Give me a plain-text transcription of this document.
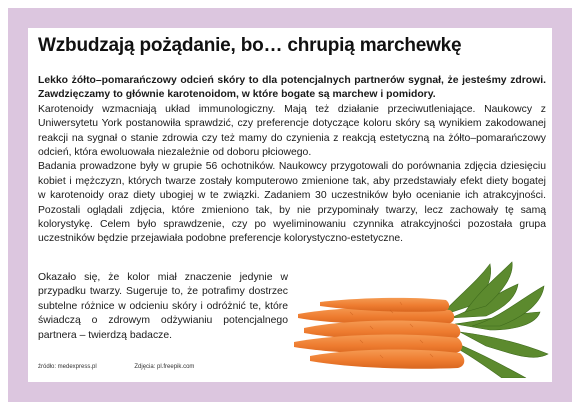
Wzbudzają pożądanie, bo… chrupią marchewkę

Lekko żółto–pomarańczowy odcień skóry to dla potencjalnych partnerów sygnał, że jesteśmy zdrowi. Zawdzięczamy to głównie karotenoidom, w które bogate są marchew i pomidory.

Karotenoidy wzmacniają układ immunologiczny. Mają też działanie przeciwutleniające. Naukowcy z Uniwersytetu York postanowiła sprawdzić, czy preferencje dotyczące koloru skóry są wynikiem zakodowanej reakcji na sygnał o stanie zdrowia czy też mamy do czynienia z reakcją estetyczną na żółto–pomarańczowy odcień, która ewoluowała niezależnie od doboru płciowego.

Badania prowadzone były w grupie 56 ochotników. Naukowcy przygotowali do porównania zdjęcia dziesięciu kobiet i mężczyzn, których twarze zostały komputerowo zmienione tak, aby przedstawiały efekt diety bogatej w karotenoidy oraz diety ubogiej w te związki. Zadaniem 30 uczestników było ocenianie ich atrakcyjności. Pozostali oglądali zdjęcia, które zmieniono tak, by nie przypominały twarzy, lecz zachowały tę samą kolorystykę. Celem było sprawdzenie, czy po wyeliminowaniu czynnika atrakcyjności pozostała grupa uczestników będzie przejawiała podobne preferencje kolorystyczno-estetyczne.

Okazało się, że kolor miał znaczenie jedynie w przypadku twarzy. Sugeruje to, że potrafimy dostrzec subtelne różnice w odcieniu skóry i odróżnić te, które świadczą o zdrowym odżywianiu potencjalnego partnera – twierdzą badacze.

źródło: medexpress.pl	Zdjęcia: pl.freepik.com
